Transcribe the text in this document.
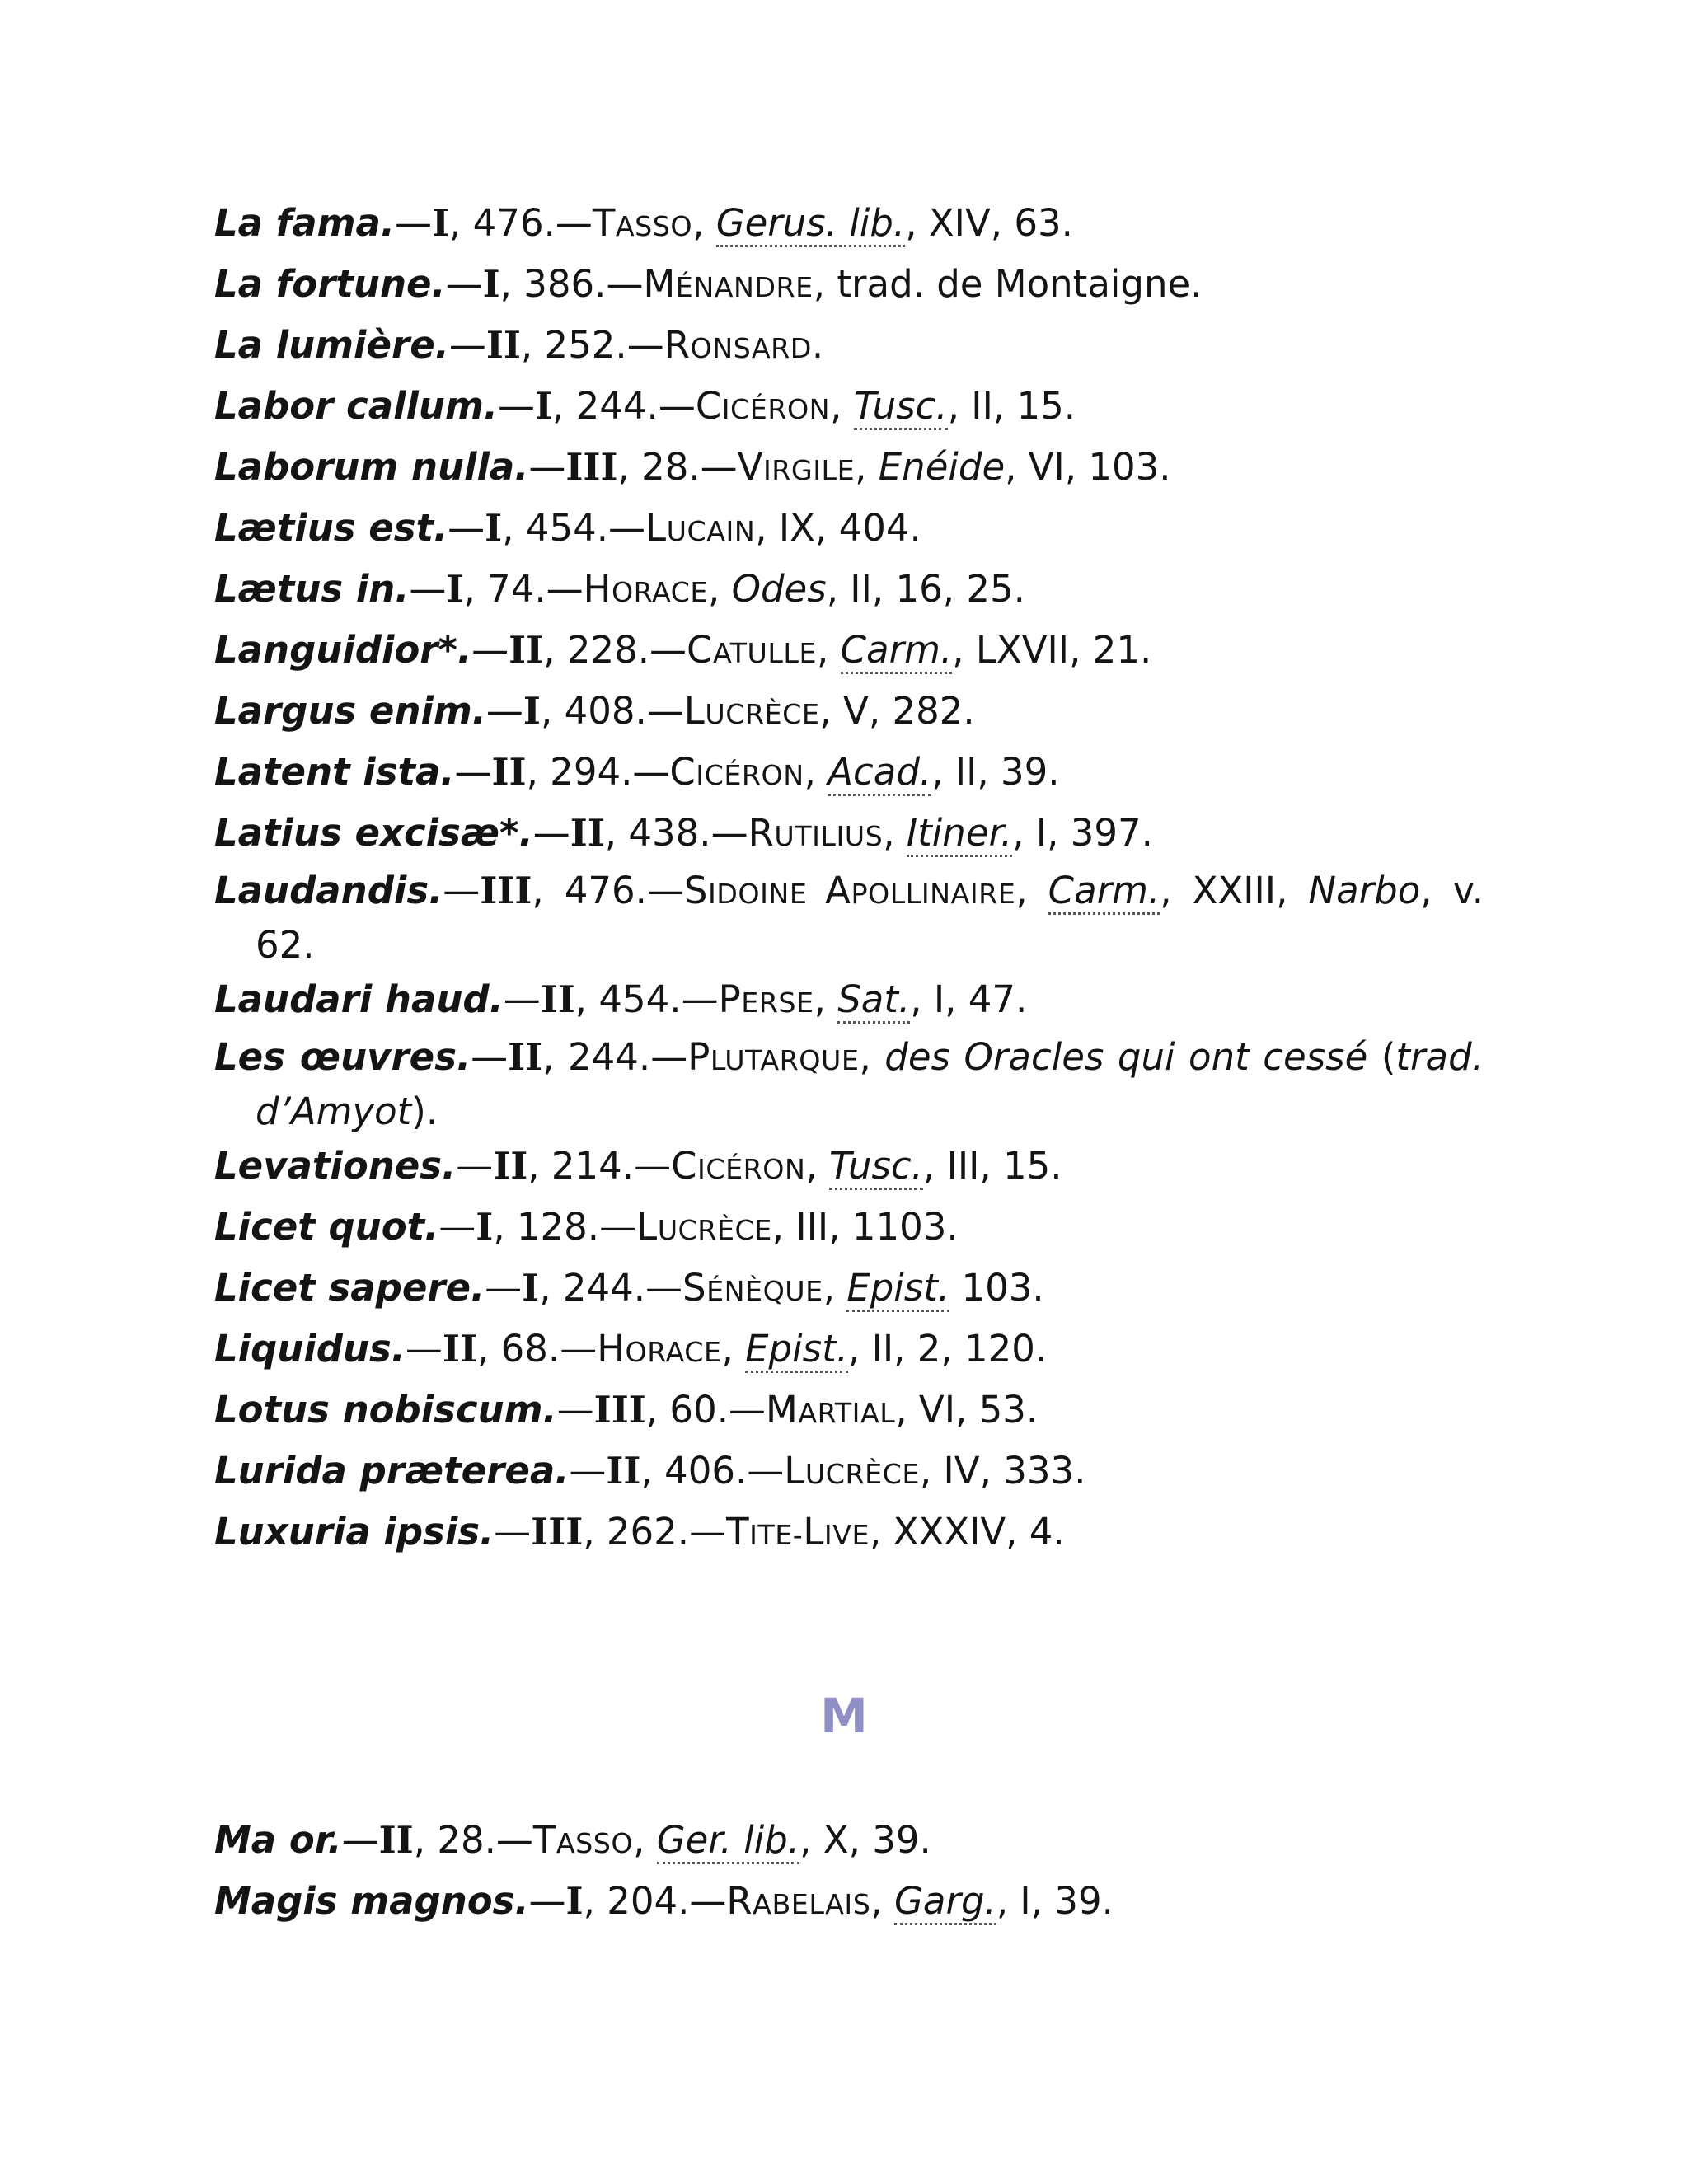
La fama.—I, 476.—TASSO, Gerus. lib., XIV, 63.

La fortune.—I, 386.—MÉNANDRE, trad. de Montaigne.

La lumière.—II, 252.—RONSARD.

Labor callum.—I, 244.—CICÉRON, Tusc., II, 15.

Laborum nulla.—III, 28.—VIRGILE, Enéide, VI, 103.

Lætius est.—I, 454.—LUCAIN, IX, 404.

Lætus in.—I, 74.—HORACE, Odes, II, 16, 25.

Languidior*.—II, 228.—CATULLE, Carm., LXVII, 21.

Largus enim.—I, 408.—LUCRÈCE, V, 282.

Latent ista.—II, 294.—CICÉRON, Acad., II, 39.

Latius excisæ*.—II, 438.—RUTILIUS, Itiner., I, 397.

Laudandis.—III, 476.—SIDOINE APOLLINAIRE, Carm., XXIII, Narbo, v. 62.

Laudari haud.—II, 454.—PERSE, Sat., I, 47.

Les œuvres.—II, 244.—PLUTARQUE, des Oracles qui ont cessé (trad. d’Amyot).

Levationes.—II, 214.—CICÉRON, Tusc., III, 15.

Licet quot.—I, 128.—LUCRÈCE, III, 1103.

Licet sapere.—I, 244.—SÉNÈQUE, Epist. 103.

Liquidus.—II, 68.—HORACE, Epist., II, 2, 120.

Lotus nobiscum.—III, 60.—MARTIAL, VI, 53.

Lurida præterea.—II, 406.—LUCRÈCE, IV, 333.

Luxuria ipsis.—III, 262.—TITE-LIVE, XXXIV, 4.

M

Ma or.—II, 28.—TASSO, Ger. lib., X, 39.

Magis magnos.—I, 204.—RABELAIS, Garg., I, 39.
